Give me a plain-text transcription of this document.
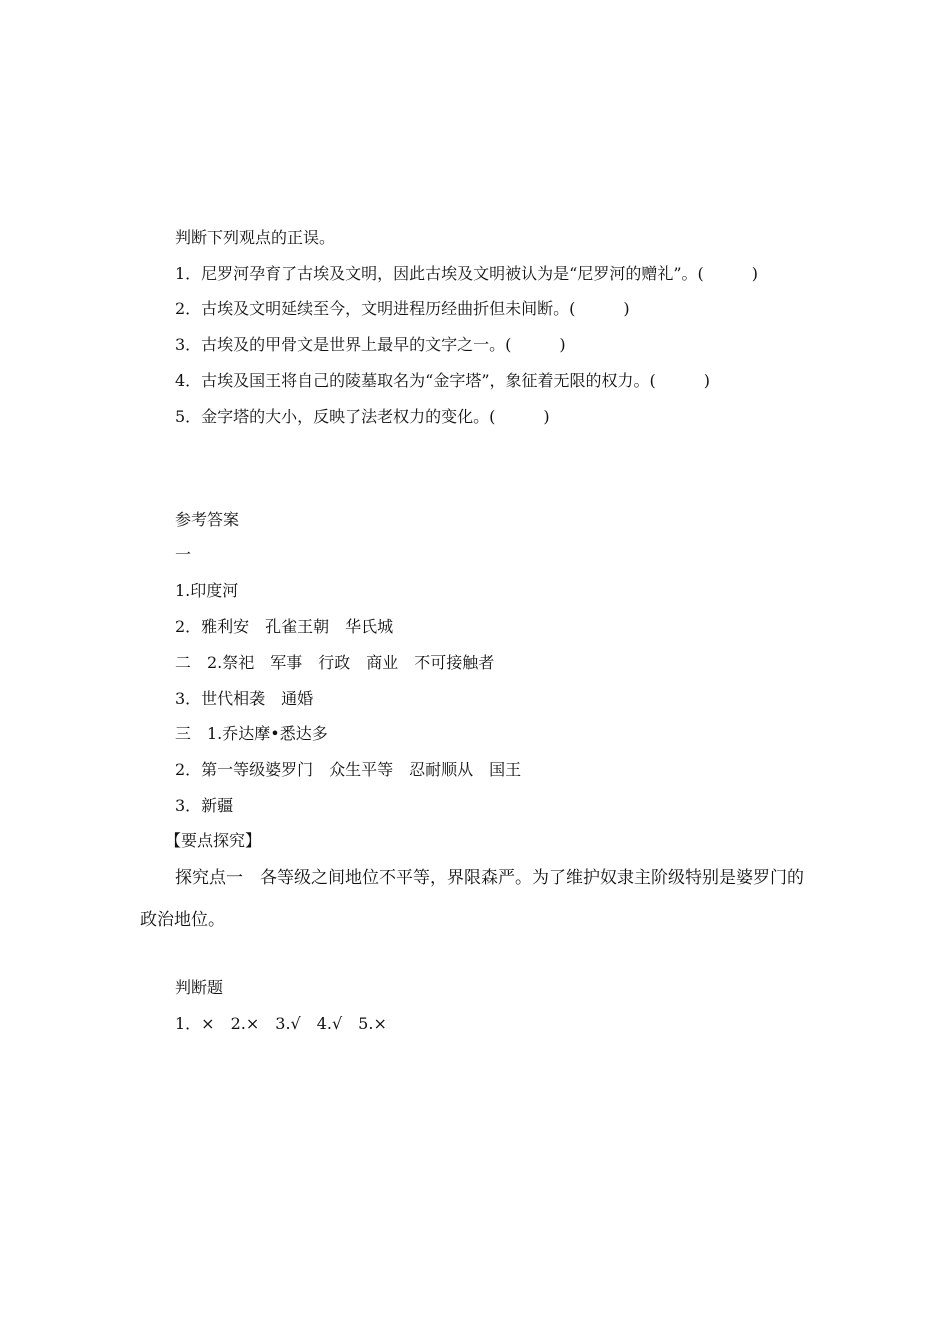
判断下列观点的正误。
1．尼罗河孕育了古埃及文明，因此古埃及文明被认为是“尼罗河的赠礼”。(　　　)
2．古埃及文明延续至今，文明进程历经曲折但未间断。(　　　)
3．古埃及的甲骨文是世界上最早的文字之一。(　　　)
4．古埃及国王将自己的陵墓取名为“金字塔”，象征着无限的权力。(　　　)
5．金字塔的大小，反映了法老权力的变化。(　　　)
参考答案
一
1.印度河
2．雅利安　孔雀王朝　华氏城
二　2.祭祀　军事　行政　商业　不可接触者
3．世代相袭　通婚
三　1.乔达摩•悉达多
2．第一等级婆罗门　众生平等　忍耐顺从　国王
3．新疆
【要点探究】
探究点一　各等级之间地位不平等，界限森严。为了维护奴隶主阶级特别是婆罗门的
政治地位。
判断题
1．×　2.×　3.√　4.√　5.×
